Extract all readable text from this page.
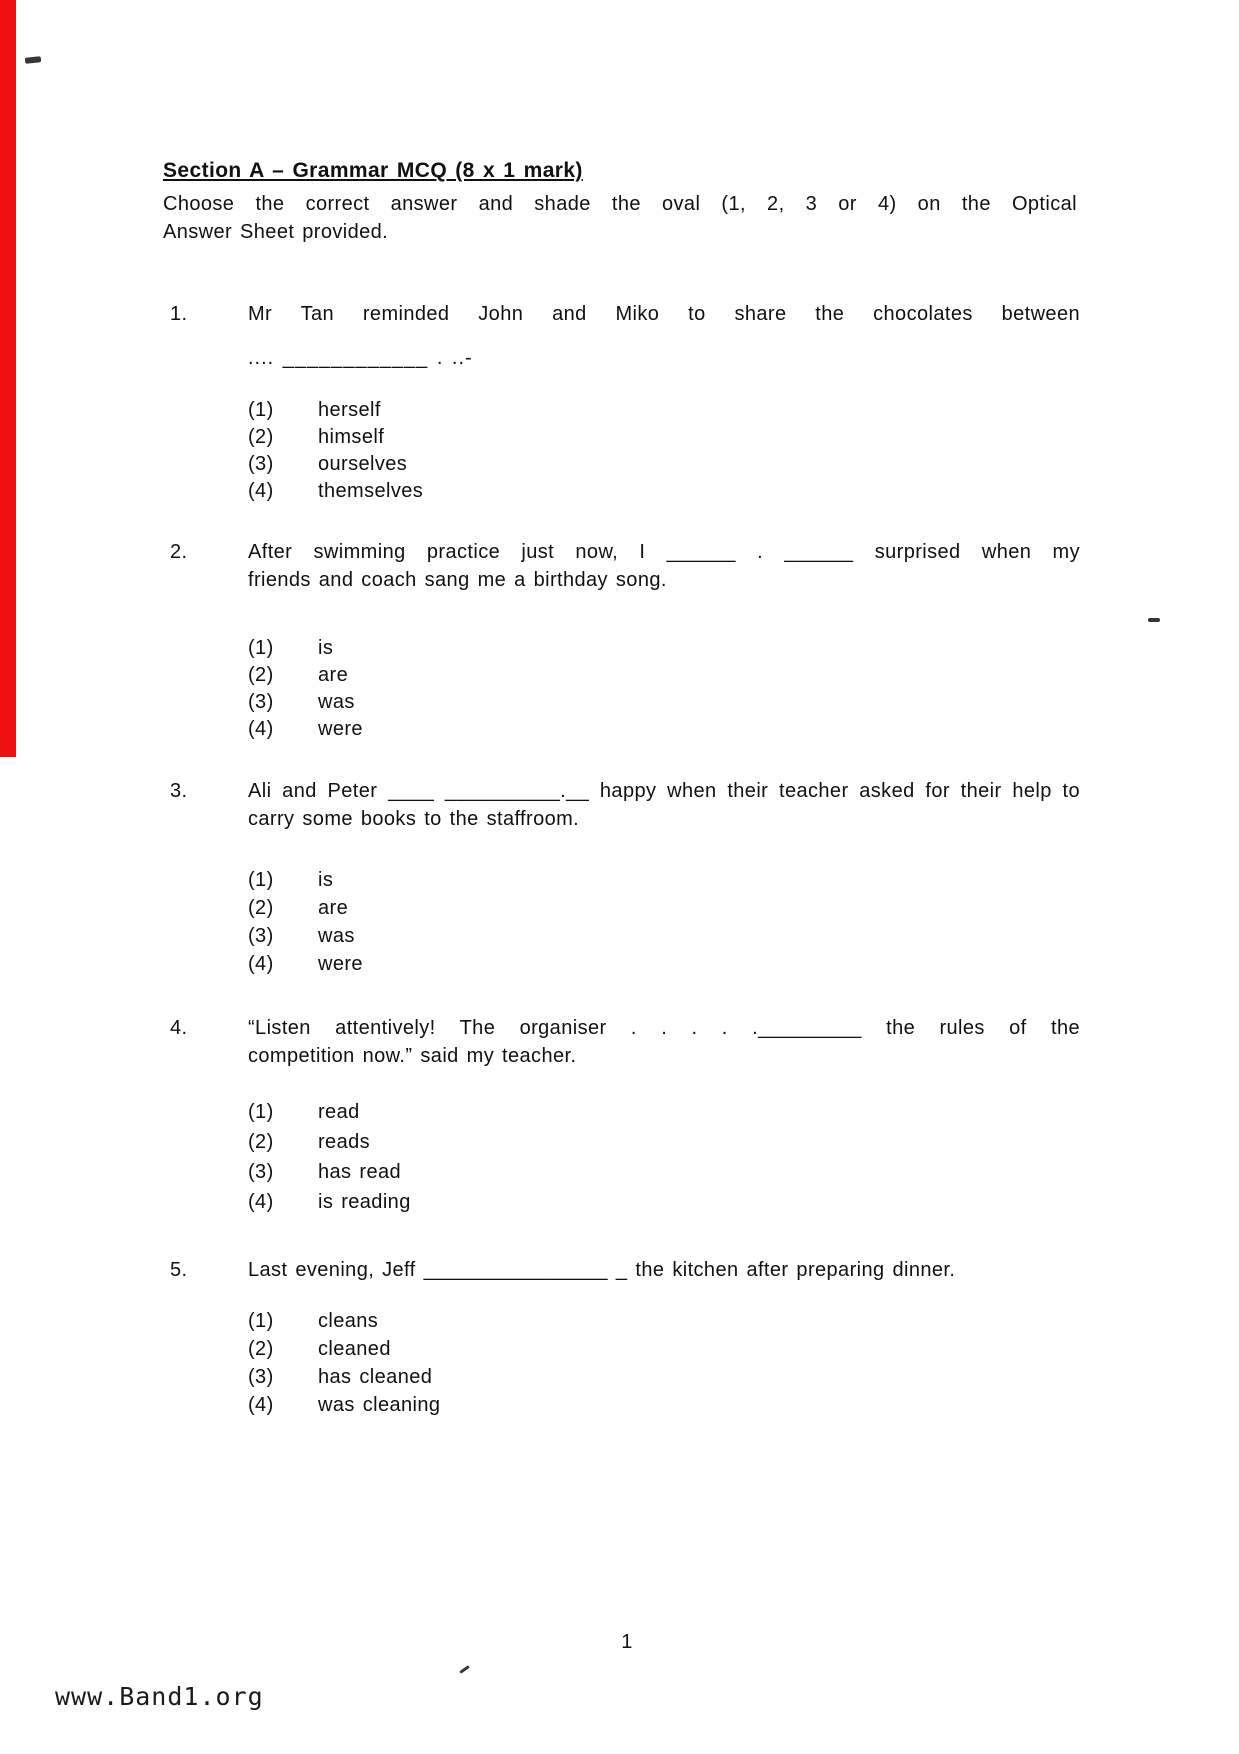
Section A – Grammar MCQ (8 x 1 mark)
Choose the correct answer and shade the oval (1, 2, 3 or 4) on the Optical
Answer Sheet provided.
1.	Mr Tan reminded John and Miko to share the chocolates between
.... ____________ . ..-
(1) herself
(2) himself
(3) ourselves
(4) themselves
2.	After swimming practice just now, I ______ . ______ surprised when my
friends and coach sang me a birthday song.
(1) is
(2) are
(3) was
(4) were
3.	Ali and Peter ____ __________.__ happy when their teacher asked for their help to
carry some books to the staffroom.
(1) is
(2) are
(3) was
(4) were
4.	“Listen attentively! The organiser . . . . ._________ the rules of the
competition now.” said my teacher.
(1) read
(2) reads
(3) has read
(4) is reading
5.	Last evening, Jeff ________________ _ the kitchen after preparing dinner.
(1) cleans
(2) cleaned
(3) has cleaned
(4) was cleaning
1
www.Band1.org
